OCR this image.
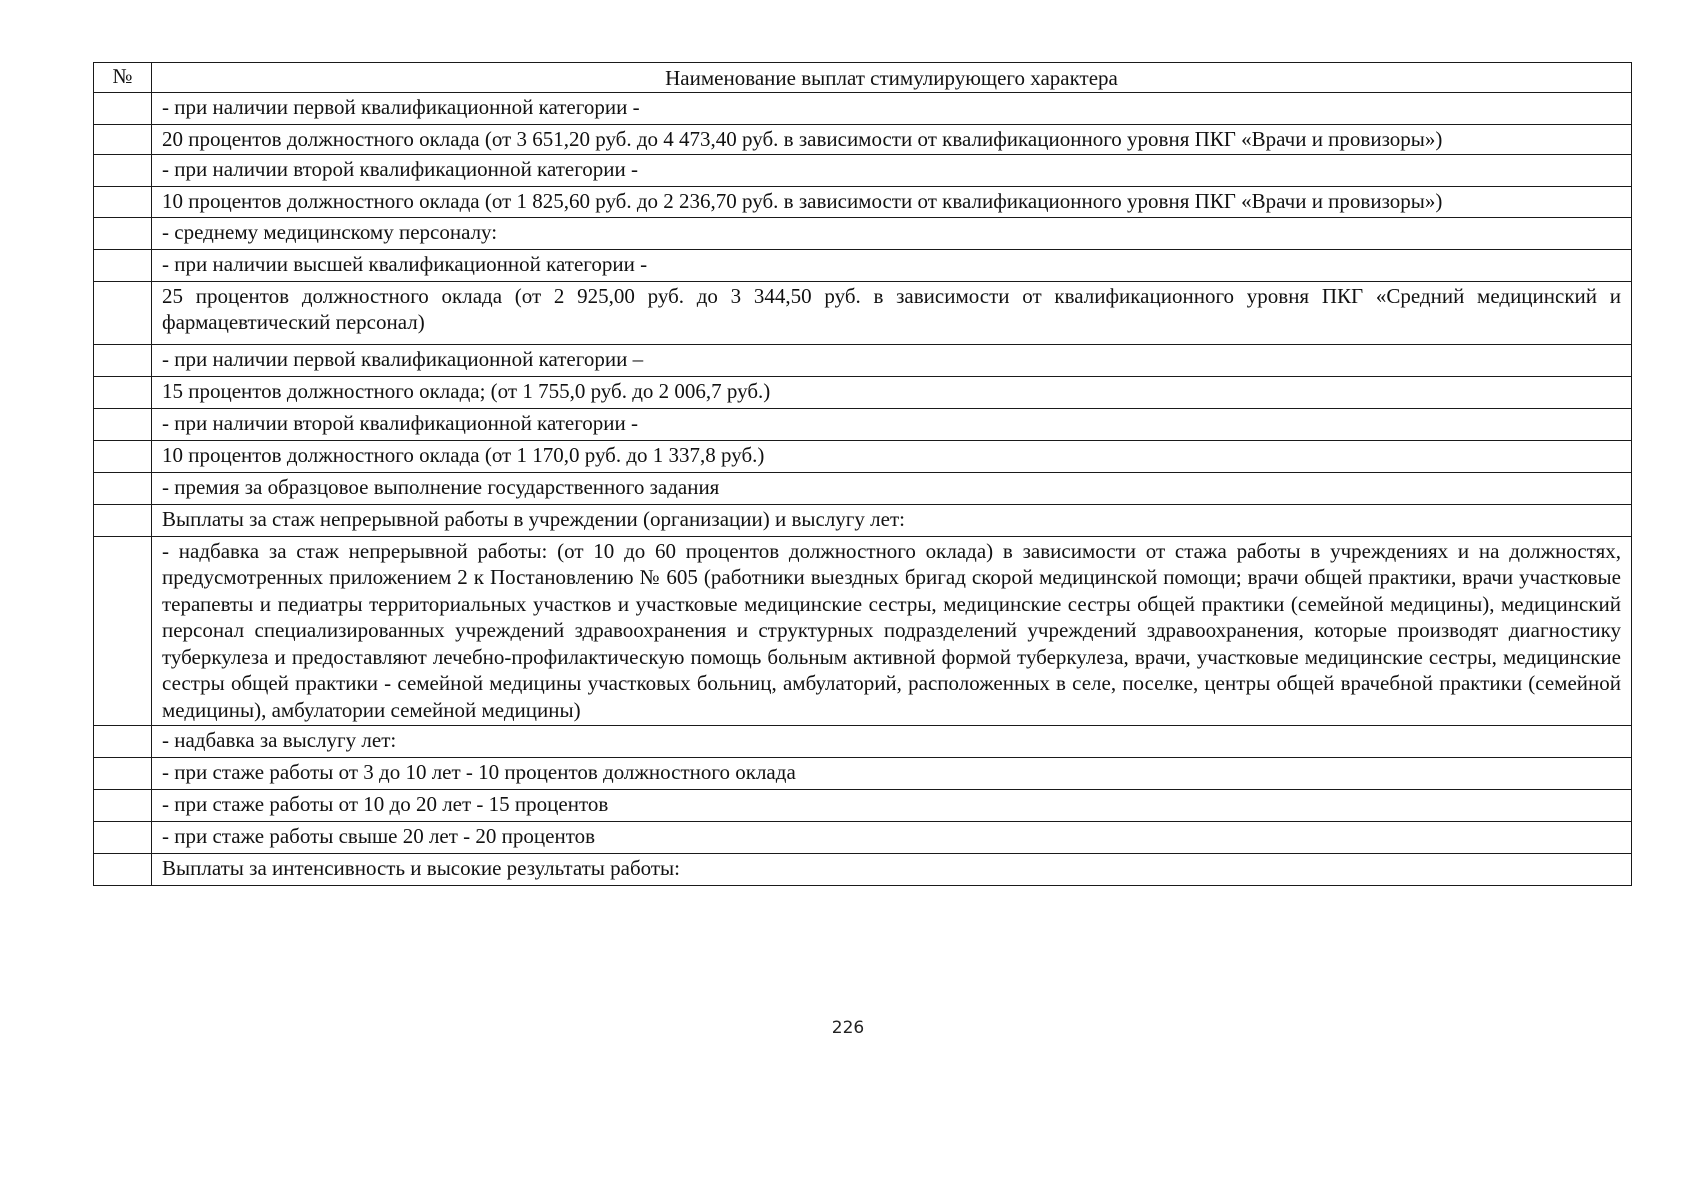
№	Наименование выплат стимулирующего характера
	- при наличии первой квалификационной категории -
	20 процентов должностного оклада (от 3 651,20 руб. до 4 473,40 руб. в зависимости от квалификационного уровня ПКГ «Врачи и провизоры»)
	- при наличии второй квалификационной категории -
	10 процентов должностного оклада (от 1 825,60 руб. до 2 236,70 руб. в зависимости от квалификационного уровня ПКГ «Врачи и провизоры»)
	- среднему медицинскому персоналу:
	- при наличии высшей квалификационной категории -
	25 процентов должностного оклада (от 2 925,00 руб. до 3 344,50 руб. в зависимости от квалификационного уровня ПКГ «Средний медицинский и фармацевтический персонал)
	- при наличии первой квалификационной категории –
	15 процентов должностного оклада; (от 1 755,0 руб. до 2 006,7 руб.)
	- при наличии второй квалификационной категории -
	10 процентов должностного оклада (от 1 170,0 руб. до 1 337,8 руб.)
	- премия за образцовое выполнение государственного задания
	Выплаты за стаж непрерывной работы в учреждении (организации) и выслугу лет:
	- надбавка за стаж непрерывной работы: (от 10 до 60 процентов должностного оклада) в зависимости от стажа работы в учреждениях и на должностях, предусмотренных приложением 2 к Постановлению № 605 (работники выездных бригад скорой медицинской помощи; врачи общей практики, врачи участковые терапевты и педиатры территориальных участков и участковые медицинские сестры, медицинские сестры общей практики (семейной медицины), медицинский персонал специализированных учреждений здравоохранения и структурных подразделений учреждений здравоохранения, которые производят диагностику туберкулеза и предоставляют лечебно-профилактическую помощь больным активной формой туберкулеза, врачи, участковые медицинские сестры, медицинские сестры общей практики - семейной медицины участковых больниц, амбулаторий, расположенных в селе, поселке, центры общей врачебной практики (семейной медицины), амбулатории семейной медицины)
	- надбавка за выслугу лет:
	- при стаже работы от 3 до 10 лет - 10 процентов должностного оклада
	- при стаже работы от 10 до 20 лет - 15 процентов
	- при стаже работы свыше 20 лет - 20 процентов
	Выплаты за интенсивность и высокие результаты работы:
226
